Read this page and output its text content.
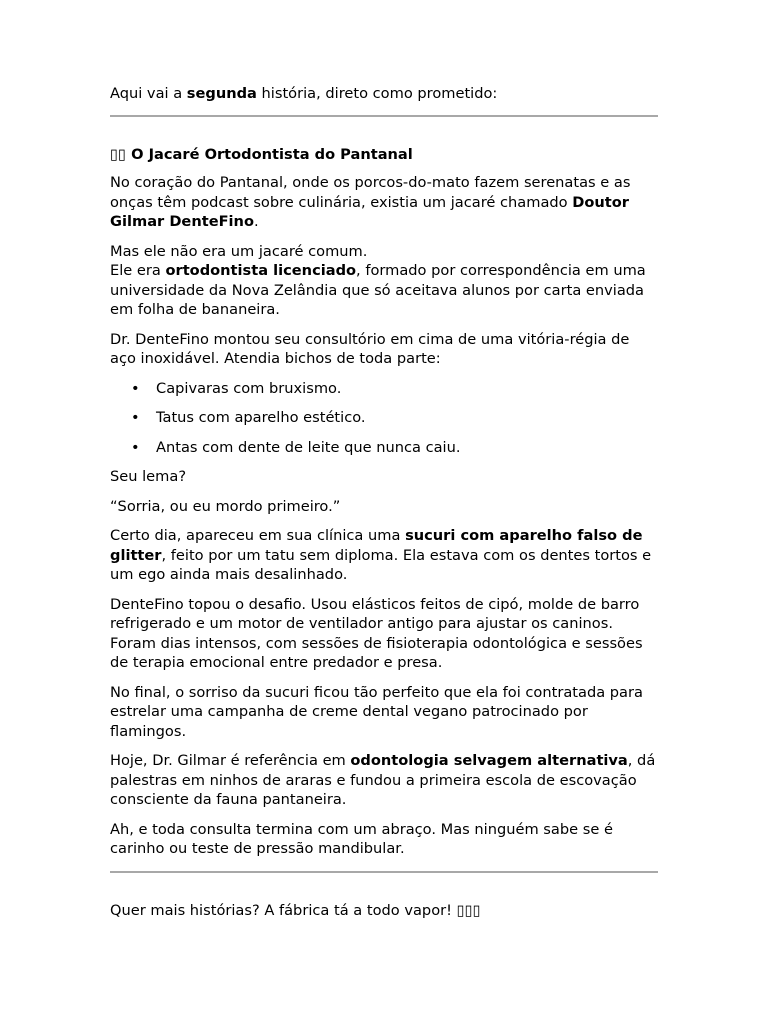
Aqui vai a segunda história, direto como prometido:

▯▯ O Jacaré Ortodontista do Pantanal

No coração do Pantanal, onde os porcos-do-mato fazem serenatas e as onças têm podcast sobre culinária, existia um jacaré chamado Doutor Gilmar DenteFino.

Mas ele não era um jacaré comum.
Ele era ortodontista licenciado, formado por correspondência em uma universidade da Nova Zelândia que só aceitava alunos por carta enviada em folha de bananeira.

Dr. DenteFino montou seu consultório em cima de uma vitória-régia de aço inoxidável. Atendia bichos de toda parte:

• Capivaras com bruxismo.
• Tatus com aparelho estético.
• Antas com dente de leite que nunca caiu.

Seu lema?

“Sorria, ou eu mordo primeiro.”

Certo dia, apareceu em sua clínica uma sucuri com aparelho falso de glitter, feito por um tatu sem diploma. Ela estava com os dentes tortos e um ego ainda mais desalinhado.

DenteFino topou o desafio. Usou elásticos feitos de cipó, molde de barro refrigerado e um motor de ventilador antigo para ajustar os caninos. Foram dias intensos, com sessões de fisioterapia odontológica e sessões de terapia emocional entre predador e presa.

No final, o sorriso da sucuri ficou tão perfeito que ela foi contratada para estrelar uma campanha de creme dental vegano patrocinado por flamingos.

Hoje, Dr. Gilmar é referência em odontologia selvagem alternativa, dá palestras em ninhos de araras e fundou a primeira escola de escovação consciente da fauna pantaneira.

Ah, e toda consulta termina com um abraço. Mas ninguém sabe se é carinho ou teste de pressão mandibular.

Quer mais histórias? A fábrica tá a todo vapor! ▯▯▯
